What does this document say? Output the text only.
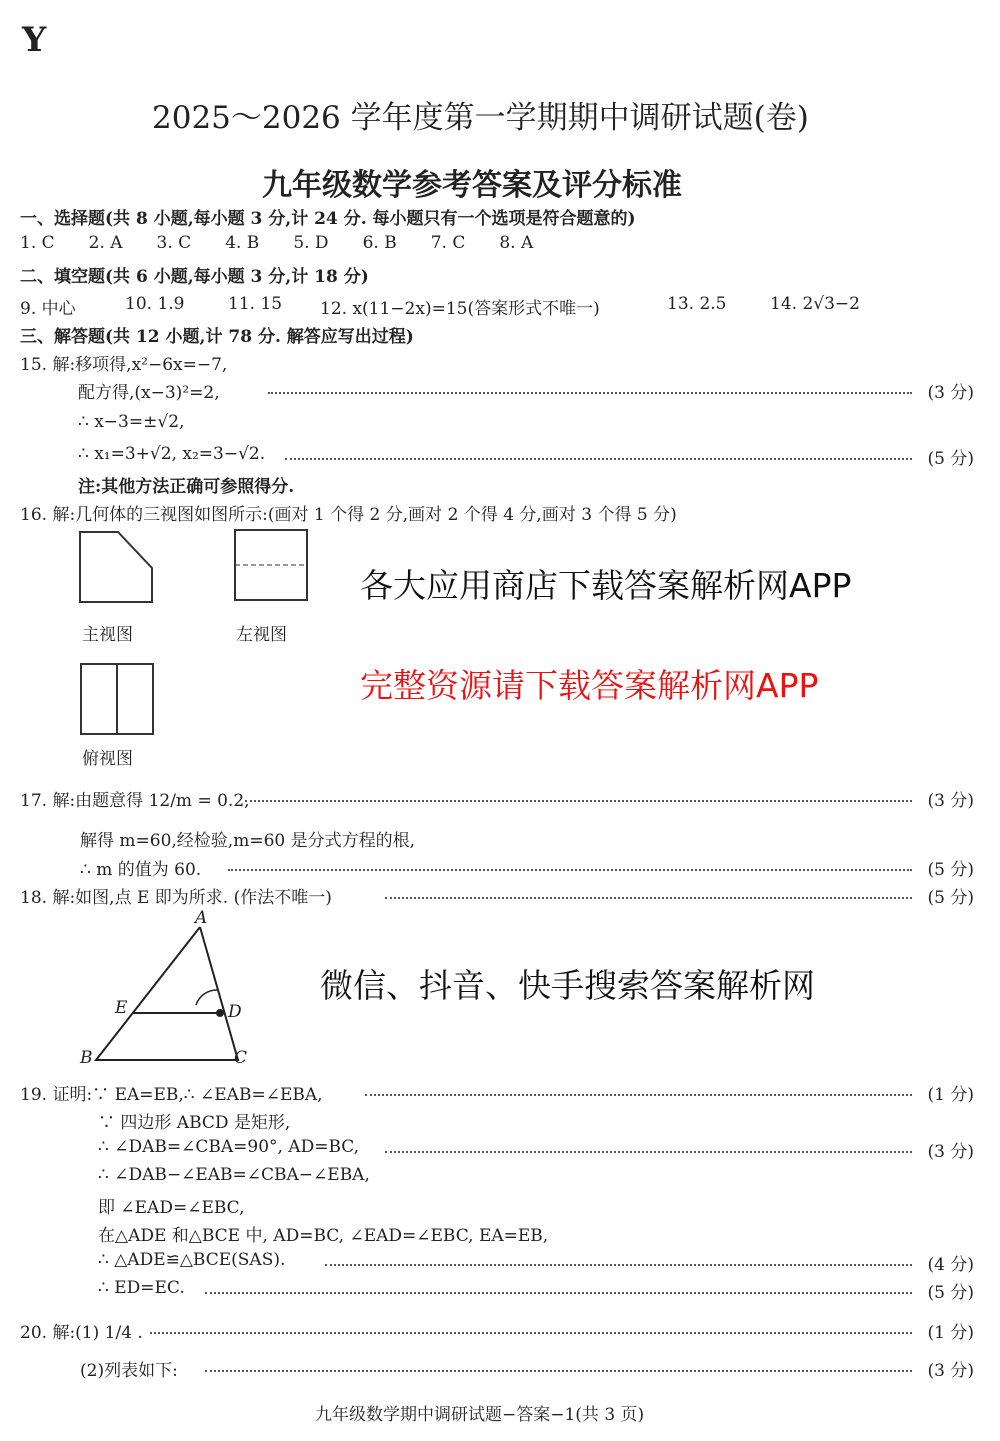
Y
2025～2026 学年度第一学期期中调研试题(卷)
九年级数学参考答案及评分标准
一、选择题(共 8 小题,每小题 3 分,计 24 分. 每小题只有一个选项是符合题意的)
1. C   2. A   3. C   4. B   5. D   6. B   7. C   8. A
二、填空题(共 6 小题,每小题 3 分,计 18 分)
9. 中心	10. 1.9	11. 15 12. x(11−2x)=15(答案形式不唯一)	13. 2.5	14. 2√3−2
三、解答题(共 12 小题,计 78 分. 解答应写出过程)
15. 解:移项得,x²−6x=−7,
配方得,(x−3)²=2,	(3 分)
∴ x−3=±√2,
∴ x₁=3+√2, x₂=3−√2.	(5 分)
注:其他方法正确可参照得分.
16. 解:几何体的三视图如图所示:(画对 1 个得 2 分,画对 2 个得 4 分,画对 3 个得 5 分)
主视图	左视图
俯视图
17. 解:由题意得 12/m = 0.2,	(3 分)
解得 m=60,经检验,m=60 是分式方程的根,
∴ m 的值为 60.	(5 分)
18. 解:如图,点 E 即为所求. (作法不唯一)	(5 分)
A
E	D
B	C
19. 证明:∵ EA=EB,∴ ∠EAB=∠EBA,	(1 分)
∵ 四边形 ABCD 是矩形,
∴ ∠DAB=∠CBA=90°, AD=BC,	(3 分)
∴ ∠DAB−∠EAB=∠CBA−∠EBA,
即 ∠EAD=∠EBC,
在△ADE 和△BCE 中, AD=BC, ∠EAD=∠EBC, EA=EB,
∴ △ADE≌△BCE(SAS).	(4 分)
∴ ED=EC.	(5 分)
20. 解:(1) 1/4 .	(1 分)
(2)列表如下:	(3 分)
九年级数学期中调研试题−答案−1(共 3 页)
各大应用商店下载答案解析网APP
完整资源请下载答案解析网APP
微信、抖音、快手搜索答案解析网
